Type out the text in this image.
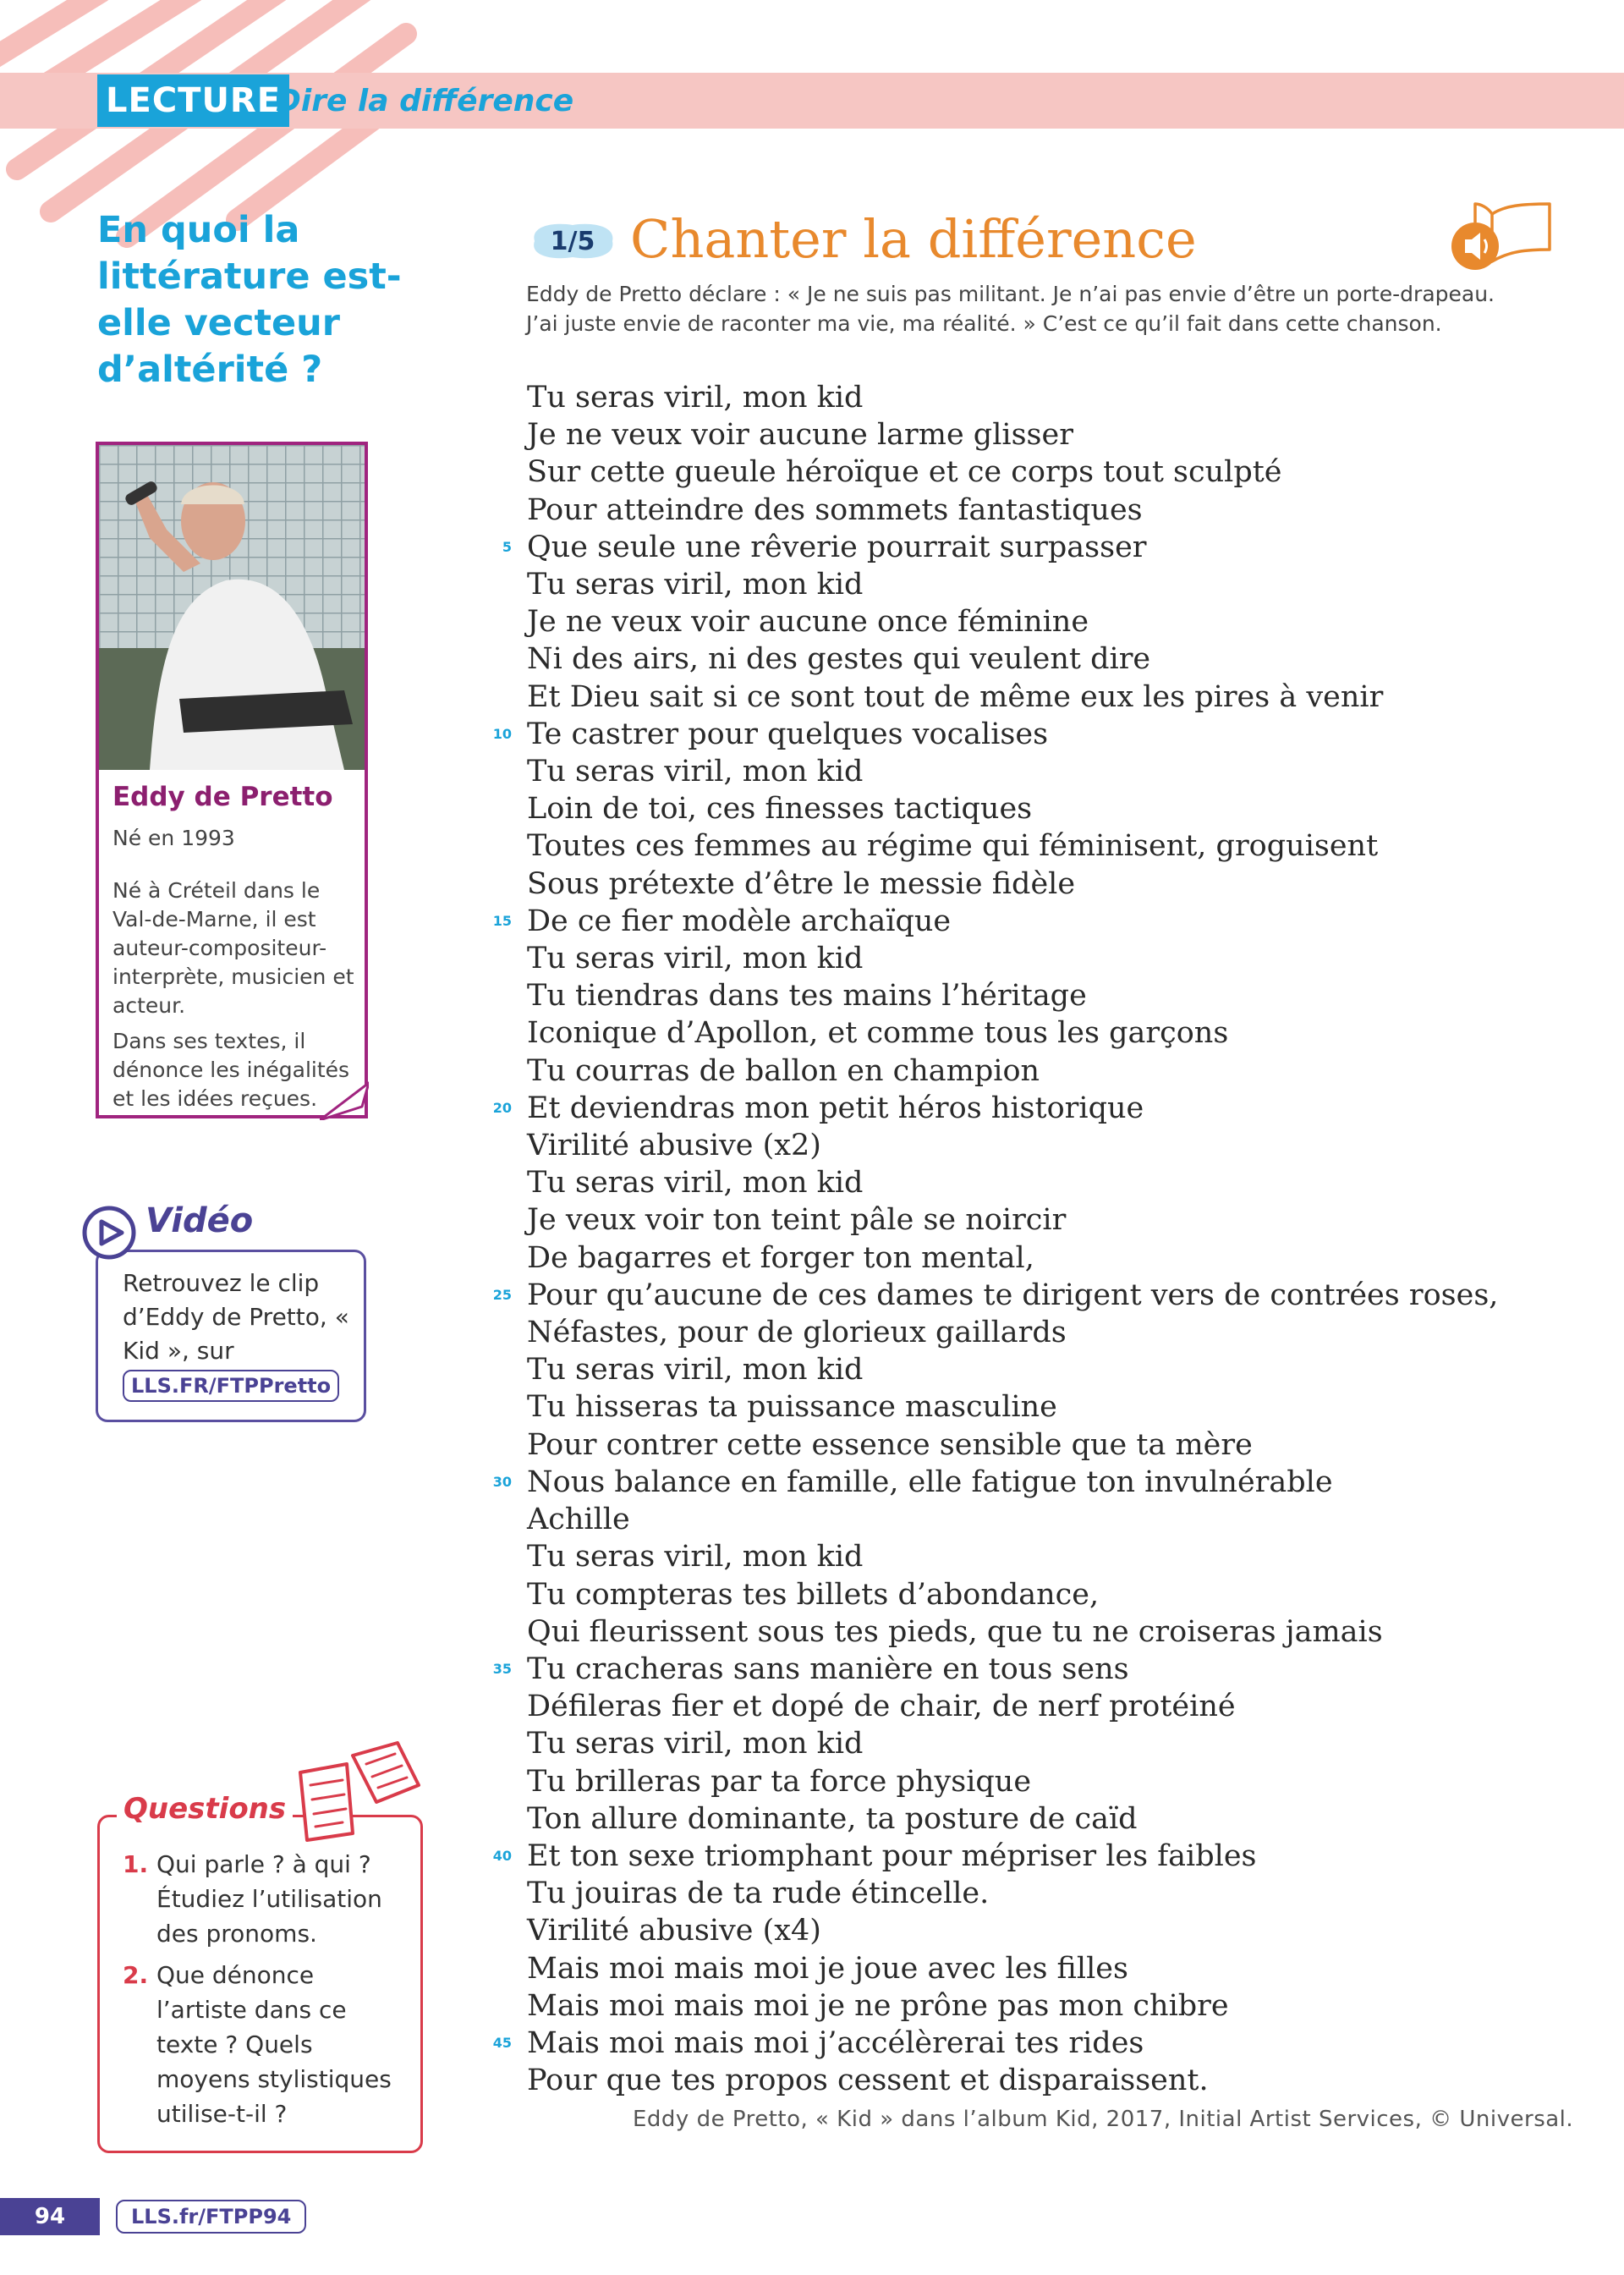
LECTURE
Dire la différence
En quoi la littérature est-elle vecteur d’altérité ?
Eddy de Pretto
Né en 1993

Né à Créteil dans le Val-de-Marne, il est auteur-compositeur-interprète, musicien et acteur.

Dans ses textes, il dénonce les inégalités et les idées reçues.

Vidéo
Retrouvez le clip d’Eddy de Pretto, « Kid », sur
LLS.FR/FTPPretto
Questions
1. Qui parle ? à qui ? Étudiez l’utilisation des pronoms.
2. Que dénonce l’artiste dans ce texte ? Quels moyens stylistiques utilise-t-il ?
1/5 Chanter la différence
Eddy de Pretto déclare : « Je ne suis pas militant. Je n’ai pas envie d’être un porte-drapeau. J’ai juste envie de raconter ma vie, ma réalité. » C’est ce qu’il fait dans cette chanson.
Tu seras viril, mon kid
Je ne veux voir aucune larme glisser
Sur cette gueule héroïque et ce corps tout sculpté
Pour atteindre des sommets fantastiques
5 Que seule une rêverie pourrait surpasser
Tu seras viril, mon kid
Je ne veux voir aucune once féminine
Ni des airs, ni des gestes qui veulent dire
Et Dieu sait si ce sont tout de même eux les pires à venir
10 Te castrer pour quelques vocalises
Tu seras viril, mon kid
Loin de toi, ces finesses tactiques
Toutes ces femmes au régime qui féminisent, groguisent
Sous prétexte d’être le messie fidèle
15 De ce fier modèle archaïque
Tu seras viril, mon kid
Tu tiendras dans tes mains l’héritage
Iconique d’Apollon, et comme tous les garçons
Tu courras de ballon en champion
20 Et deviendras mon petit héros historique
Virilité abusive (x2)
Tu seras viril, mon kid
Je veux voir ton teint pâle se noircir
De bagarres et forger ton mental,
25 Pour qu’aucune de ces dames te dirigent vers de contrées roses,
Néfastes, pour de glorieux gaillards
Tu seras viril, mon kid
Tu hisseras ta puissance masculine
Pour contrer cette essence sensible que ta mère
30 Nous balance en famille, elle fatigue ton invulnérable
Achille
Tu seras viril, mon kid
Tu compteras tes billets d’abondance,
Qui fleurissent sous tes pieds, que tu ne croiseras jamais
35 Tu cracheras sans manière en tous sens
Défileras fier et dopé de chair, de nerf protéiné
Tu seras viril, mon kid
Tu brilleras par ta force physique
Ton allure dominante, ta posture de caïd
40 Et ton sexe triomphant pour mépriser les faibles
Tu jouiras de ta rude étincelle.
Virilité abusive (x4)
Mais moi mais moi je joue avec les filles
Mais moi mais moi je ne prône pas mon chibre
45 Mais moi mais moi j’accélèrerai tes rides
Pour que tes propos cessent et disparaissent.
Eddy de Pretto, « Kid » dans l’album Kid, 2017, Initial Artist Services, © Universal.
94	LLS.fr/FTPP94
